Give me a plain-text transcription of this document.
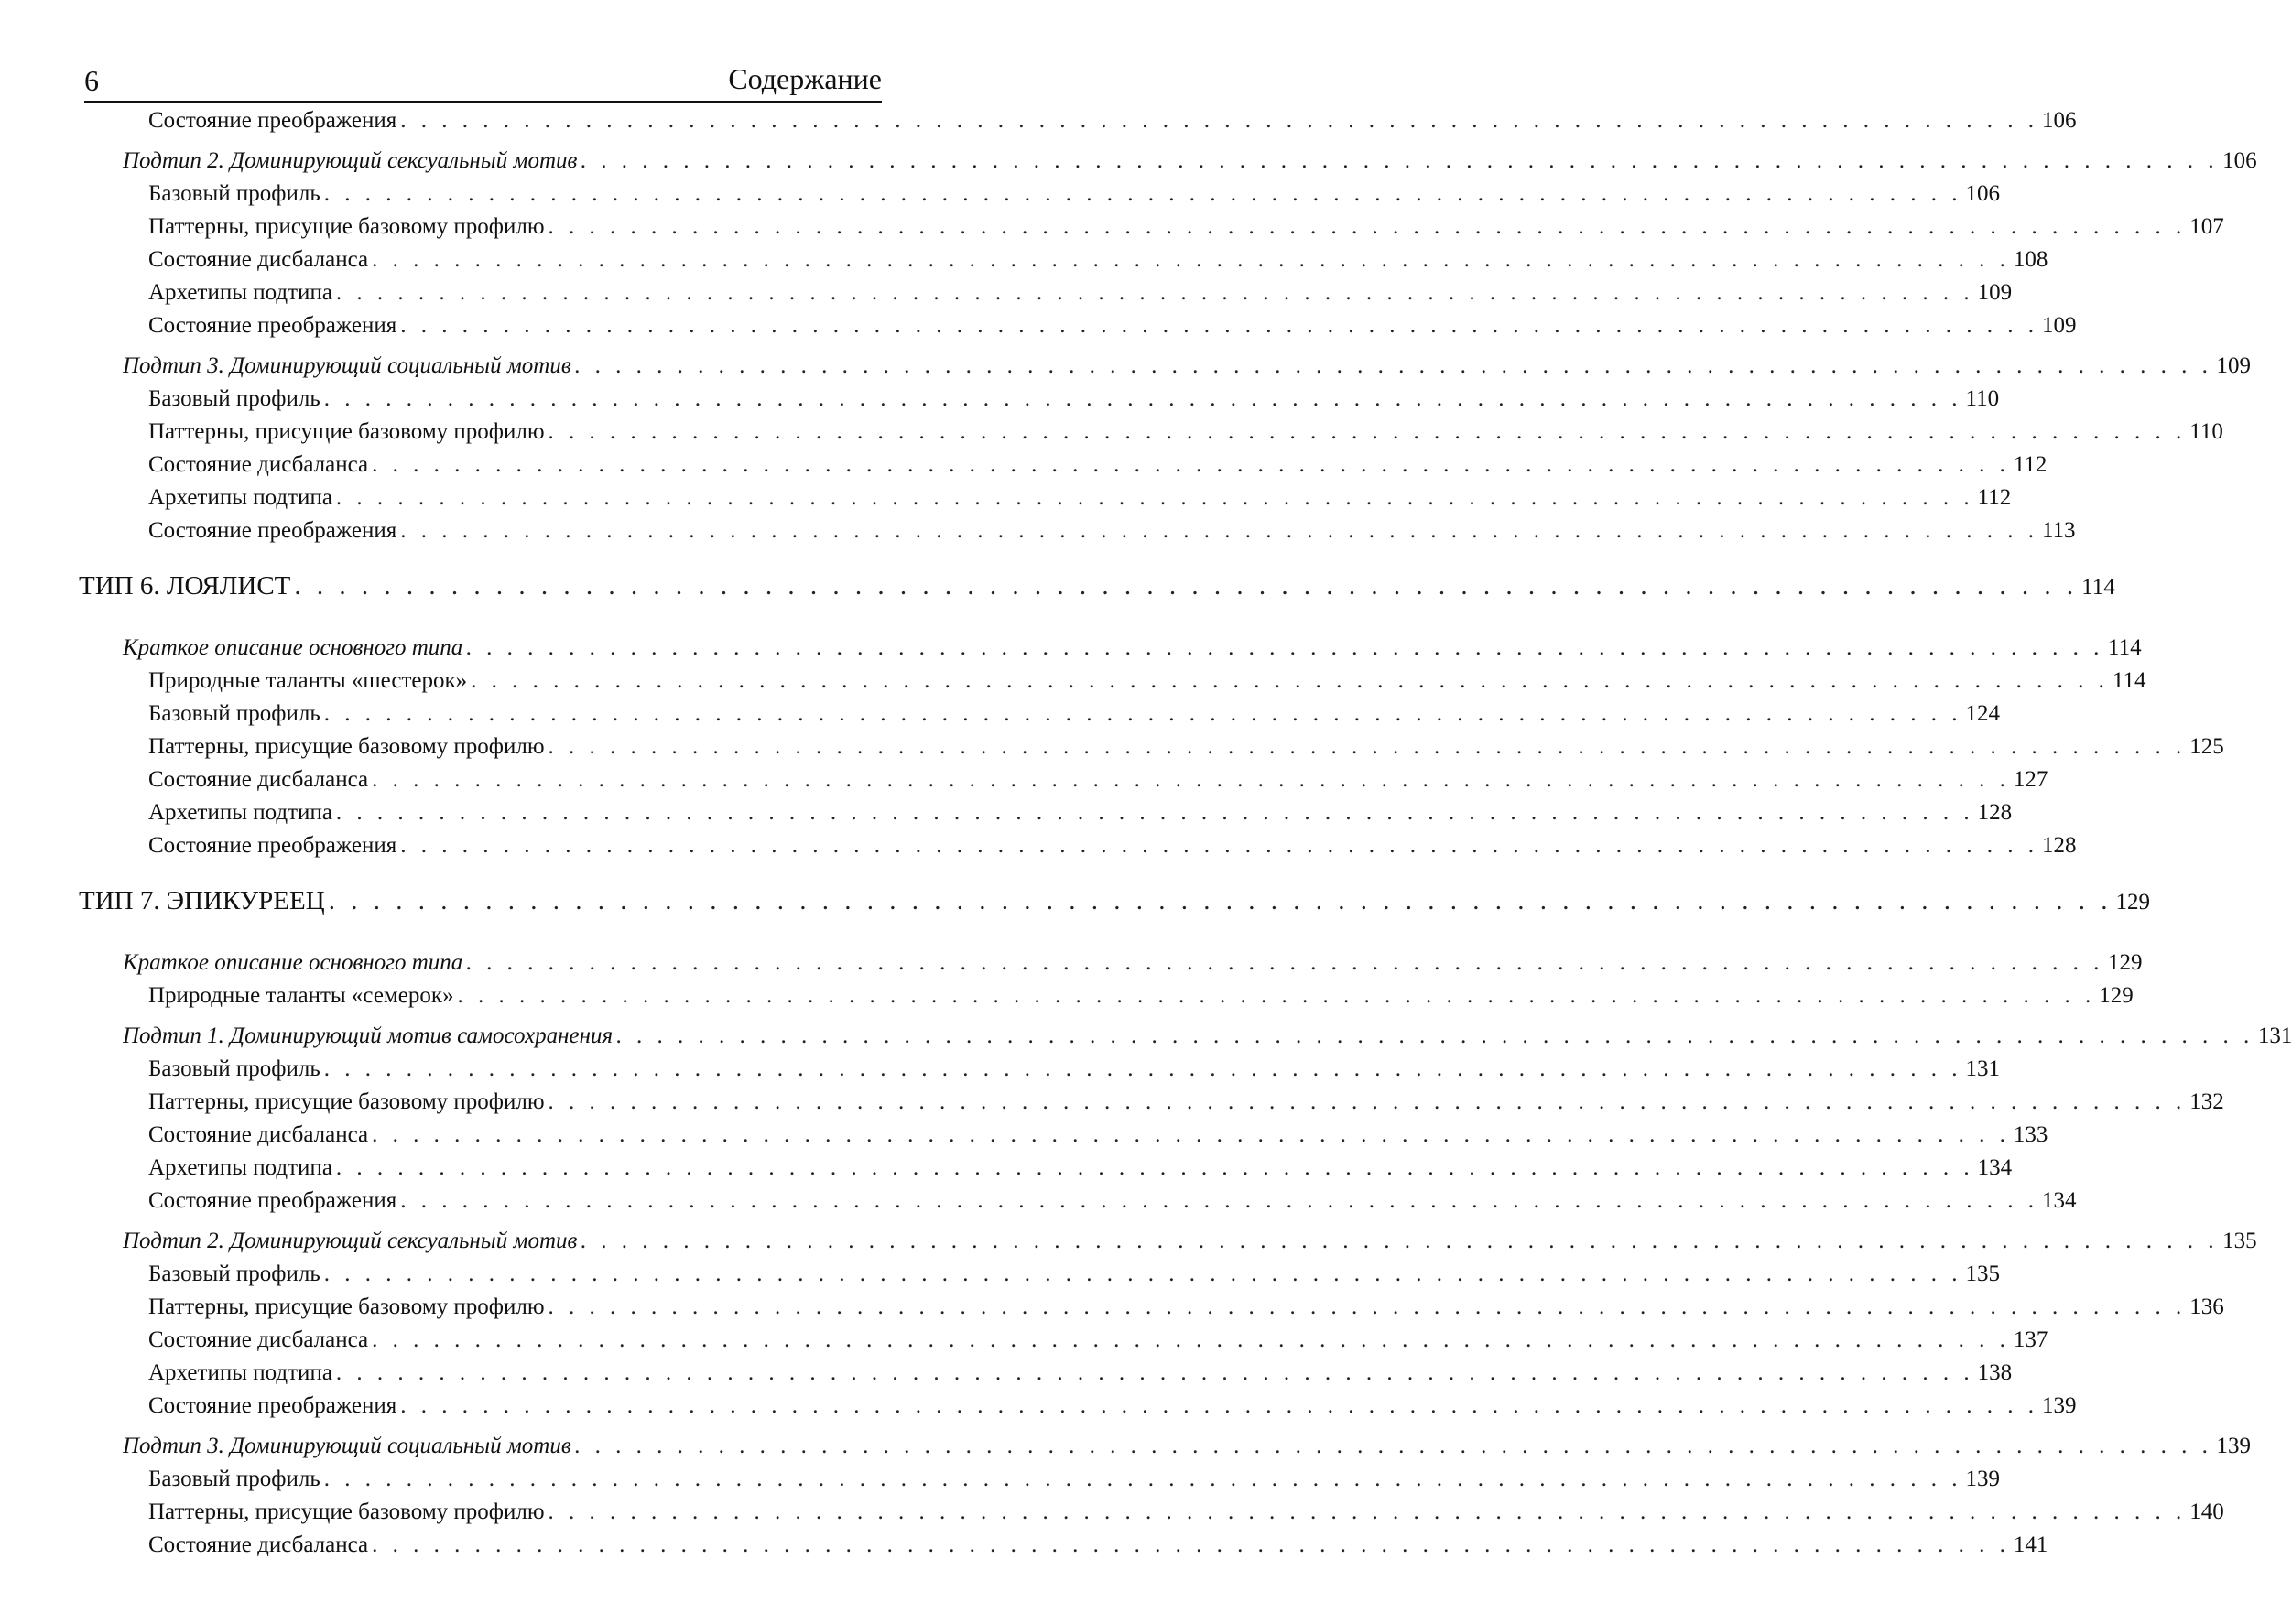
6	Содержание
Состояние преображения . . . . . . . . . . . . . . . . . . . . . . . . . . . . . . . . . . . . . . . . . . . . . . . . . . . . . . . . . . . . . . . . . . . . . . . . . . . . . . . . 106
Подтип 2. Доминирующий сексуальный мотив . . . . . . . . . . . . . . . . . . . . . . . . . . . . . . . . . . . . . . . . . . . . . . . . . . . . . . . . . . . . . . . . . . . . . . . . . . . . . . . . 106
Базовый профиль . . . . . . . . . . . . . . . . . . . . . . . . . . . . . . . . . . . . . . . . . . . . . . . . . . . . . . . . . . . . . . . . . . . . . . . . . . . . . . . . 106
Паттерны, присущие базовому профилю . . . . . . . . . . . . . . . . . . . . . . . . . . . . . . . . . . . . . . . . . . . . . . . . . . . . . . . . . . . . . . . . . . . . . . . . . . . . . . . . 107
Состояние дисбаланса . . . . . . . . . . . . . . . . . . . . . . . . . . . . . . . . . . . . . . . . . . . . . . . . . . . . . . . . . . . . . . . . . . . . . . . . . . . . . . . . 108
Архетипы подтипа . . . . . . . . . . . . . . . . . . . . . . . . . . . . . . . . . . . . . . . . . . . . . . . . . . . . . . . . . . . . . . . . . . . . . . . . . . . . . . . . 109
Состояние преображения . . . . . . . . . . . . . . . . . . . . . . . . . . . . . . . . . . . . . . . . . . . . . . . . . . . . . . . . . . . . . . . . . . . . . . . . . . . . . . . . 109
Подтип 3. Доминирующий социальный мотив . . . . . . . . . . . . . . . . . . . . . . . . . . . . . . . . . . . . . . . . . . . . . . . . . . . . . . . . . . . . . . . . . . . . . . . . . . . . . . . . 109
Базовый профиль . . . . . . . . . . . . . . . . . . . . . . . . . . . . . . . . . . . . . . . . . . . . . . . . . . . . . . . . . . . . . . . . . . . . . . . . . . . . . . . . 110
Паттерны, присущие базовому профилю . . . . . . . . . . . . . . . . . . . . . . . . . . . . . . . . . . . . . . . . . . . . . . . . . . . . . . . . . . . . . . . . . . . . . . . . . . . . . . . . 110
Состояние дисбаланса . . . . . . . . . . . . . . . . . . . . . . . . . . . . . . . . . . . . . . . . . . . . . . . . . . . . . . . . . . . . . . . . . . . . . . . . . . . . . . . . 112
Архетипы подтипа . . . . . . . . . . . . . . . . . . . . . . . . . . . . . . . . . . . . . . . . . . . . . . . . . . . . . . . . . . . . . . . . . . . . . . . . . . . . . . . . 112
Состояние преображения . . . . . . . . . . . . . . . . . . . . . . . . . . . . . . . . . . . . . . . . . . . . . . . . . . . . . . . . . . . . . . . . . . . . . . . . . . . . . . . . 113
ТИП 6. ЛОЯЛИСТ . . . . . . . . . . . . . . . . . . . . . . . . . . . . . . . . . . . . . . . . . . . . . . . . . . . . . . . . . . . . . . . . . . . . . . . . . . . . . . . . 114
Краткое описание основного типа . . . . . . . . . . . . . . . . . . . . . . . . . . . . . . . . . . . . . . . . . . . . . . . . . . . . . . . . . . . . . . . . . . . . . . . . . . . . . . . . 114
Природные таланты «шестерок» . . . . . . . . . . . . . . . . . . . . . . . . . . . . . . . . . . . . . . . . . . . . . . . . . . . . . . . . . . . . . . . . . . . . . . . . . . . . . . . . 114
Базовый профиль . . . . . . . . . . . . . . . . . . . . . . . . . . . . . . . . . . . . . . . . . . . . . . . . . . . . . . . . . . . . . . . . . . . . . . . . . . . . . . . . 124
Паттерны, присущие базовому профилю . . . . . . . . . . . . . . . . . . . . . . . . . . . . . . . . . . . . . . . . . . . . . . . . . . . . . . . . . . . . . . . . . . . . . . . . . . . . . . . . 125
Состояние дисбаланса . . . . . . . . . . . . . . . . . . . . . . . . . . . . . . . . . . . . . . . . . . . . . . . . . . . . . . . . . . . . . . . . . . . . . . . . . . . . . . . . 127
Архетипы подтипа . . . . . . . . . . . . . . . . . . . . . . . . . . . . . . . . . . . . . . . . . . . . . . . . . . . . . . . . . . . . . . . . . . . . . . . . . . . . . . . . 128
Состояние преображения . . . . . . . . . . . . . . . . . . . . . . . . . . . . . . . . . . . . . . . . . . . . . . . . . . . . . . . . . . . . . . . . . . . . . . . . . . . . . . . . 128
ТИП 7. ЭПИКУРЕЕЦ . . . . . . . . . . . . . . . . . . . . . . . . . . . . . . . . . . . . . . . . . . . . . . . . . . . . . . . . . . . . . . . . . . . . . . . . . . . . . . . . 129
Краткое описание основного типа . . . . . . . . . . . . . . . . . . . . . . . . . . . . . . . . . . . . . . . . . . . . . . . . . . . . . . . . . . . . . . . . . . . . . . . . . . . . . . . . 129
Природные таланты «семерок» . . . . . . . . . . . . . . . . . . . . . . . . . . . . . . . . . . . . . . . . . . . . . . . . . . . . . . . . . . . . . . . . . . . . . . . . . . . . . . . . 129
Подтип 1. Доминирующий мотив самосохранения . . . . . . . . . . . . . . . . . . . . . . . . . . . . . . . . . . . . . . . . . . . . . . . . . . . . . . . . . . . . . . . . . . . . . . . . . . . . . . . . 131
Базовый профиль . . . . . . . . . . . . . . . . . . . . . . . . . . . . . . . . . . . . . . . . . . . . . . . . . . . . . . . . . . . . . . . . . . . . . . . . . . . . . . . . 131
Паттерны, присущие базовому профилю . . . . . . . . . . . . . . . . . . . . . . . . . . . . . . . . . . . . . . . . . . . . . . . . . . . . . . . . . . . . . . . . . . . . . . . . . . . . . . . . 132
Состояние дисбаланса . . . . . . . . . . . . . . . . . . . . . . . . . . . . . . . . . . . . . . . . . . . . . . . . . . . . . . . . . . . . . . . . . . . . . . . . . . . . . . . . 133
Архетипы подтипа . . . . . . . . . . . . . . . . . . . . . . . . . . . . . . . . . . . . . . . . . . . . . . . . . . . . . . . . . . . . . . . . . . . . . . . . . . . . . . . . 134
Состояние преображения . . . . . . . . . . . . . . . . . . . . . . . . . . . . . . . . . . . . . . . . . . . . . . . . . . . . . . . . . . . . . . . . . . . . . . . . . . . . . . . . 134
Подтип 2. Доминирующий сексуальный мотив . . . . . . . . . . . . . . . . . . . . . . . . . . . . . . . . . . . . . . . . . . . . . . . . . . . . . . . . . . . . . . . . . . . . . . . . . . . . . . . . 135
Базовый профиль . . . . . . . . . . . . . . . . . . . . . . . . . . . . . . . . . . . . . . . . . . . . . . . . . . . . . . . . . . . . . . . . . . . . . . . . . . . . . . . . 135
Паттерны, присущие базовому профилю . . . . . . . . . . . . . . . . . . . . . . . . . . . . . . . . . . . . . . . . . . . . . . . . . . . . . . . . . . . . . . . . . . . . . . . . . . . . . . . . 136
Состояние дисбаланса . . . . . . . . . . . . . . . . . . . . . . . . . . . . . . . . . . . . . . . . . . . . . . . . . . . . . . . . . . . . . . . . . . . . . . . . . . . . . . . . 137
Архетипы подтипа . . . . . . . . . . . . . . . . . . . . . . . . . . . . . . . . . . . . . . . . . . . . . . . . . . . . . . . . . . . . . . . . . . . . . . . . . . . . . . . . 138
Состояние преображения . . . . . . . . . . . . . . . . . . . . . . . . . . . . . . . . . . . . . . . . . . . . . . . . . . . . . . . . . . . . . . . . . . . . . . . . . . . . . . . . 139
Подтип 3. Доминирующий социальный мотив . . . . . . . . . . . . . . . . . . . . . . . . . . . . . . . . . . . . . . . . . . . . . . . . . . . . . . . . . . . . . . . . . . . . . . . . . . . . . . . . 139
Базовый профиль . . . . . . . . . . . . . . . . . . . . . . . . . . . . . . . . . . . . . . . . . . . . . . . . . . . . . . . . . . . . . . . . . . . . . . . . . . . . . . . . 139
Паттерны, присущие базовому профилю . . . . . . . . . . . . . . . . . . . . . . . . . . . . . . . . . . . . . . . . . . . . . . . . . . . . . . . . . . . . . . . . . . . . . . . . . . . . . . . . 140
Состояние дисбаланса . . . . . . . . . . . . . . . . . . . . . . . . . . . . . . . . . . . . . . . . . . . . . . . . . . . . . . . . . . . . . . . . . . . . . . . . . . . . . . . . 141
